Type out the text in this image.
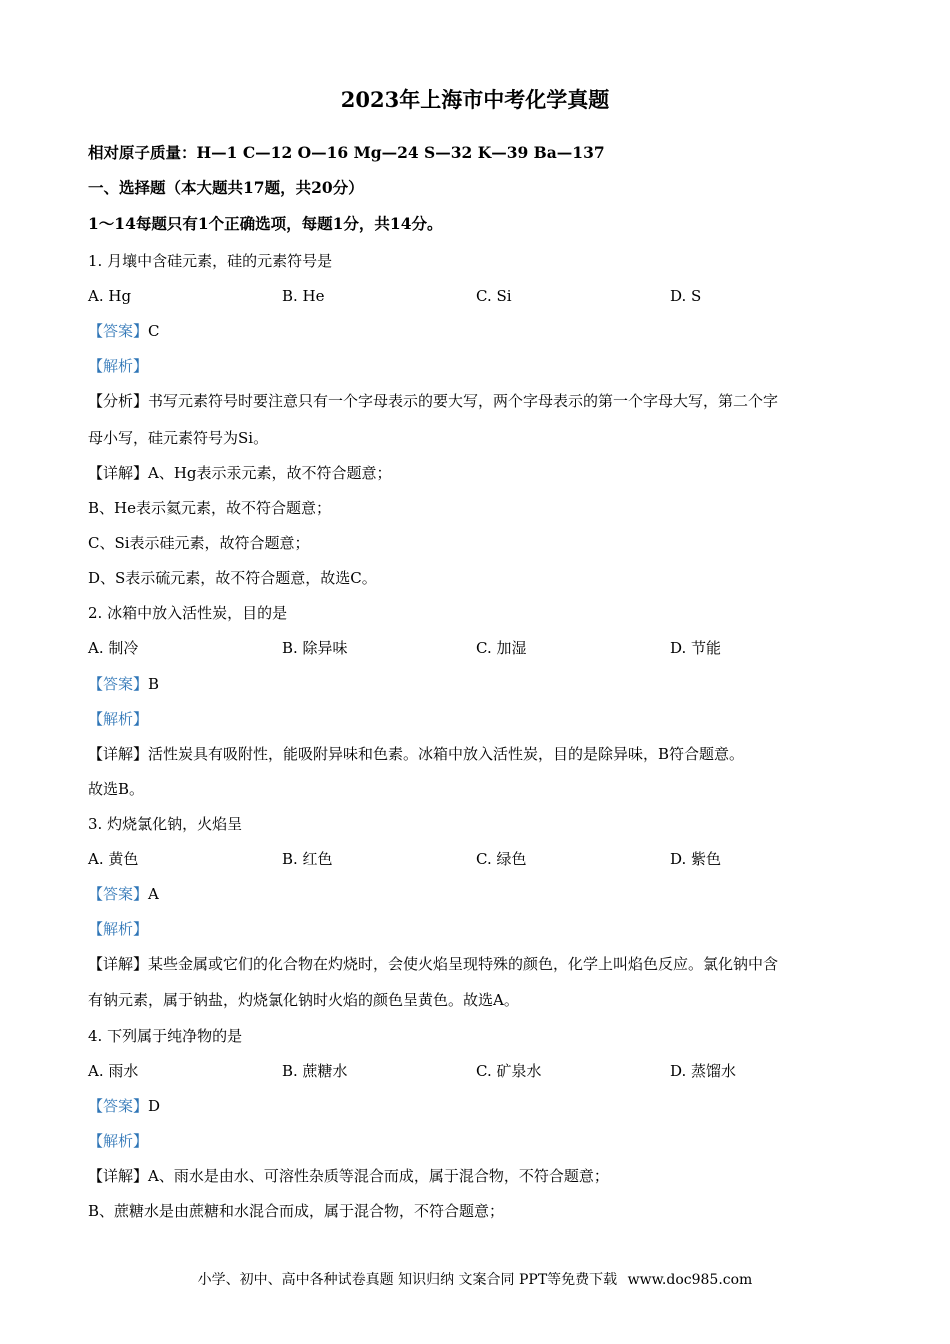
2023年上海市中考化学真题
相对原子质量：H—1 C—12 O—16 Mg—24 S—32 K—39 Ba—137
一、选择题（本大题共17题，共20分）
1～14每题只有1个正确选项，每题1分，共14分。
1. 月壤中含硅元素，硅的元素符号是
A. Hg	B. He	C. Si	D. S
【答案】C
【解析】
【分析】书写元素符号时要注意只有一个字母表示的要大写，两个字母表示的第一个字母大写，第二个字
母小写，硅元素符号为Si。
【详解】A、Hg表示汞元素，故不符合题意；
B、He表示氦元素，故不符合题意；
C、Si表示硅元素，故符合题意；
D、S表示硫元素，故不符合题意，故选C。
2. 冰箱中放入活性炭，目的是
A. 制冷	B. 除异味	C. 加湿	D. 节能
【答案】B
【解析】
【详解】活性炭具有吸附性，能吸附异味和色素。冰箱中放入活性炭，目的是除异味，B符合题意。
故选B。
3. 灼烧氯化钠，火焰呈
A. 黄色	B. 红色	C. 绿色	D. 紫色
【答案】A
【解析】
【详解】某些金属或它们的化合物在灼烧时，会使火焰呈现特殊的颜色，化学上叫焰色反应。氯化钠中含
有钠元素，属于钠盐，灼烧氯化钠时火焰的颜色呈黄色。故选A。
4. 下列属于纯净物的是
A. 雨水	B. 蔗糖水	C. 矿泉水	D. 蒸馏水
【答案】D
【解析】
【详解】A、雨水是由水、可溶性杂质等混合而成，属于混合物，不符合题意；
B、蔗糖水是由蔗糖和水混合而成，属于混合物，不符合题意；
小学、初中、高中各种试卷真题 知识归纳 文案合同 PPT等免费下载 www.doc985.com
